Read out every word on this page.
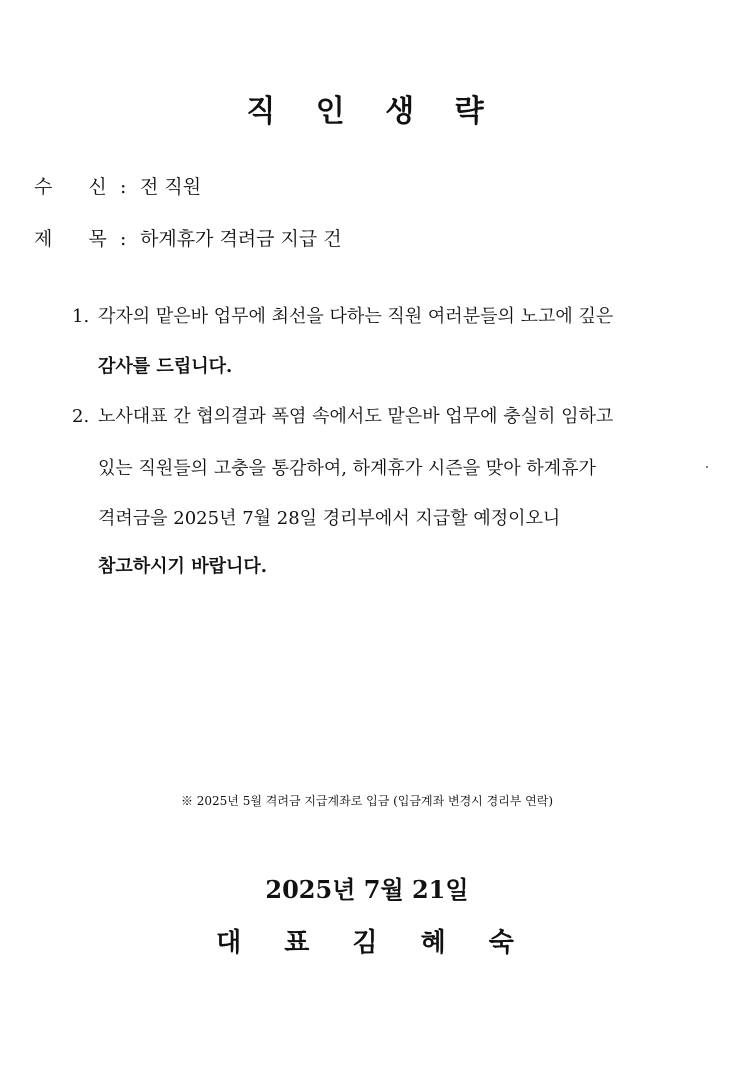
직 인 생 략
수 신 : 전 직원
제 목 : 하계휴가 격려금 지급 건
1. 각자의 맡은바 업무에 최선을 다하는 직원 여러분들의 노고에 깊은
감사를 드립니다.
2. 노사대표 간 협의결과 폭염 속에서도 맡은바 업무에 충실히 임하고
있는 직원들의 고충을 통감하여, 하계휴가 시즌을 맞아 하계휴가
격려금을 2025년 7월 28일 경리부에서 지급할 예정이오니
참고하시기 바랍니다.
※ 2025년 5월 격려금 지급계좌로 입금 (입금계좌 변경시 경리부 연락)
2025년 7월 21일
대 표 김 혜 숙
